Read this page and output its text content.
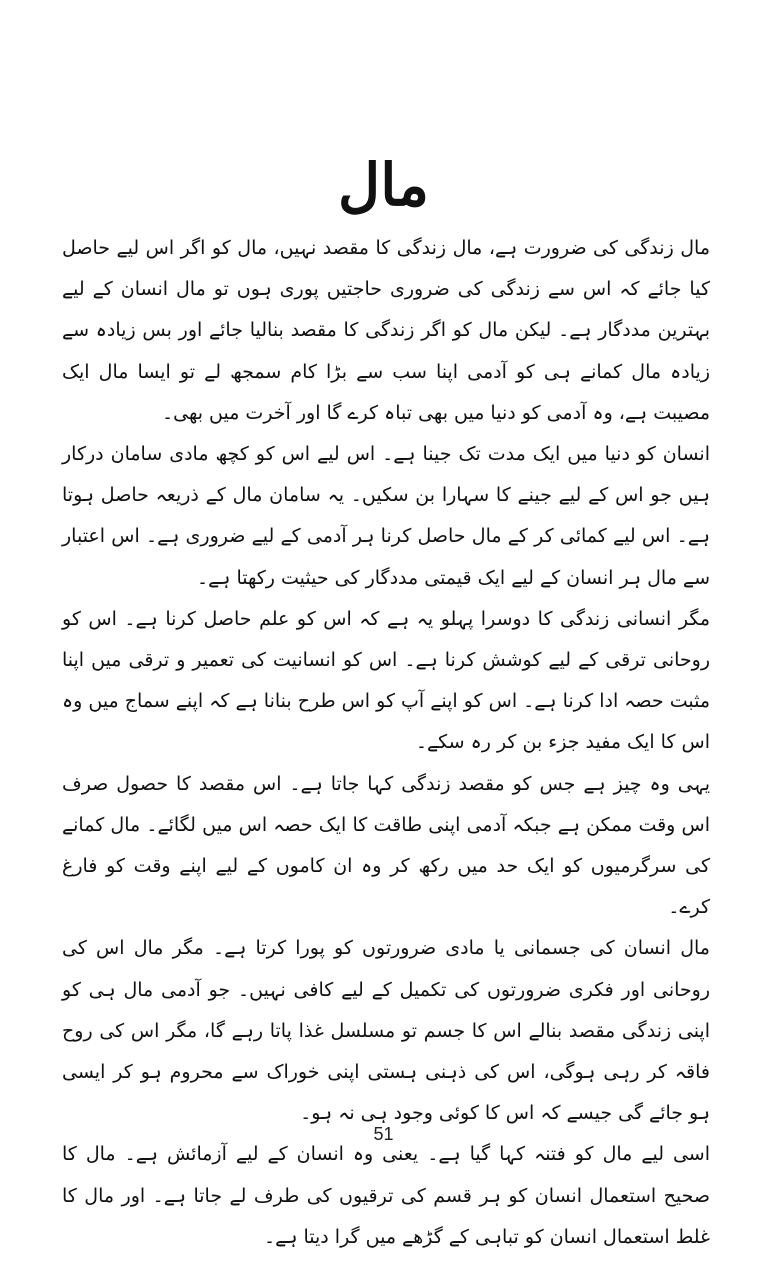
مال

مال زندگی کی ضرورت ہے، مال زندگی کا مقصد نہیں، مال کو اگر اس لیے حاصل کیا جائے کہ اس سے زندگی کی ضروری حاجتیں پوری ہوں تو مال انسان کے لیے بہترین مددگار ہے۔ لیکن مال کو اگر زندگی کا مقصد بنالیا جائے اور بس زیادہ سے زیادہ مال کمانے ہی کو آدمی اپنا سب سے بڑا کام سمجھ لے تو ایسا مال ایک مصیبت ہے، وہ آدمی کو دنیا میں بھی تباہ کرے گا اور آخرت میں بھی۔

انسان کو دنیا میں ایک مدت تک جینا ہے۔ اس لیے اس کو کچھ مادی سامان درکار ہیں جو اس کے لیے جینے کا سہارا بن سکیں۔ یہ سامان مال کے ذریعہ حاصل ہوتا ہے۔ اس لیے کمائی کر کے مال حاصل کرنا ہر آدمی کے لیے ضروری ہے۔ اس اعتبار سے مال ہر انسان کے لیے ایک قیمتی مددگار کی حیثیت رکھتا ہے۔

مگر انسانی زندگی کا دوسرا پہلو یہ ہے کہ اس کو علم حاصل کرنا ہے۔ اس کو روحانی ترقی کے لیے کوشش کرنا ہے۔ اس کو انسانیت کی تعمیر و ترقی میں اپنا مثبت حصہ ادا کرنا ہے۔ اس کو اپنے آپ کو اس طرح بنانا ہے کہ اپنے سماج میں وہ اس کا ایک مفید جزء بن کر رہ سکے۔

یہی وہ چیز ہے جس کو مقصد زندگی کہا جاتا ہے۔ اس مقصد کا حصول صرف اس وقت ممکن ہے جبکہ آدمی اپنی طاقت کا ایک حصہ اس میں لگائے۔ مال کمانے کی سرگرمیوں کو ایک حد میں رکھ کر وہ ان کاموں کے لیے اپنے وقت کو فارغ کرے۔

مال انسان کی جسمانی یا مادی ضرورتوں کو پورا کرتا ہے۔ مگر مال اس کی روحانی اور فکری ضرورتوں کی تکمیل کے لیے کافی نہیں۔ جو آدمی مال ہی کو اپنی زندگی مقصد بنالے اس کا جسم تو مسلسل غذا پاتا رہے گا، مگر اس کی روح فاقہ کر رہی ہوگی، اس کی ذہنی ہستی اپنی خوراک سے محروم ہو کر ایسی ہو جائے گی جیسے کہ اس کا کوئی وجود ہی نہ ہو۔

اسی لیے مال کو فتنہ کہا گیا ہے۔ یعنی وہ انسان کے لیے آزمائش ہے۔ مال کا صحیح استعمال انسان کو ہر قسم کی ترقیوں کی طرف لے جاتا ہے۔ اور مال کا غلط استعمال انسان کو تباہی کے گڑھے میں گرا دیتا ہے۔

51
